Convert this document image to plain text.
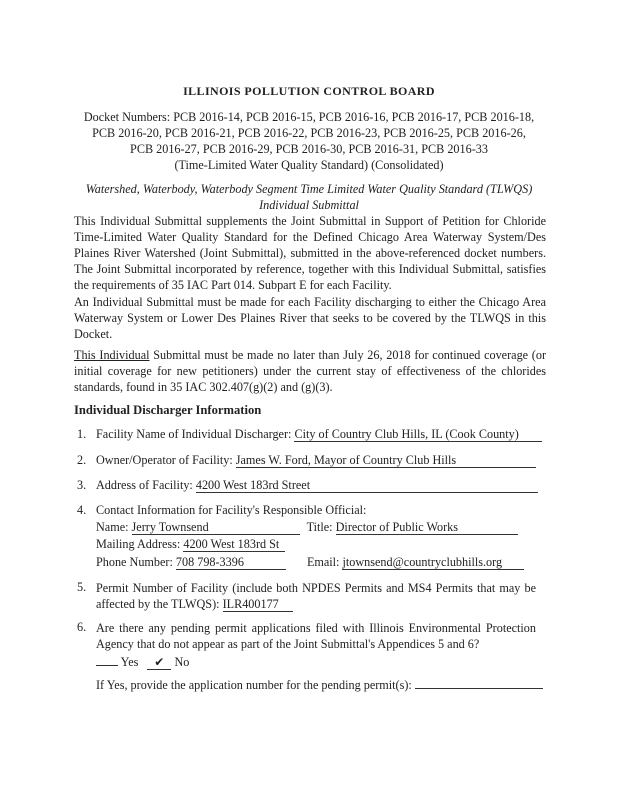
ILLINOIS POLLUTION CONTROL BOARD
Docket Numbers: PCB 2016-14, PCB 2016-15, PCB 2016-16, PCB 2016-17, PCB 2016-18,
PCB 2016-20, PCB 2016-21, PCB 2016-22, PCB 2016-23, PCB 2016-25, PCB 2016-26,
PCB 2016-27, PCB 2016-29, PCB 2016-30, PCB 2016-31, PCB 2016-33
(Time-Limited Water Quality Standard) (Consolidated)
Watershed, Waterbody, Waterbody Segment Time Limited Water Quality Standard (TLWQS)
Individual Submittal
This Individual Submittal supplements the Joint Submittal in Support of Petition for Chloride Time-Limited Water Quality Standard for the Defined Chicago Area Waterway System/Des Plaines River Watershed (Joint Submittal), submitted in the above-referenced docket numbers. The Joint Submittal incorporated by reference, together with this Individual Submittal, satisfies the requirements of 35 IAC Part 014. Subpart E for each Facility.
An Individual Submittal must be made for each Facility discharging to either the Chicago Area Waterway System or Lower Des Plaines River that seeks to be covered by the TLWQS in this Docket.
This Individual Submittal must be made no later than July 26, 2018 for continued coverage (or initial coverage for new petitioners) under the current stay of effectiveness of the chlorides standards, found in 35 IAC 302.407(g)(2) and (g)(3).
Individual Discharger Information
1. Facility Name of Individual Discharger: City of Country Club Hills, IL (Cook County)
2. Owner/Operator of Facility: James W. Ford, Mayor of Country Club Hills
3. Address of Facility: 4200 West 183rd Street
4. Contact Information for Facility's Responsible Official:
Name: Jerry Townsend	Title: Director of Public Works
Mailing Address: 4200 West 183rd St
Phone Number: 708 798-3396	Email: jtownsend@countryclubhills.org
5. Permit Number of Facility (include both NPDES Permits and MS4 Permits that may be affected by the TLWQS): ILR400177
6. Are there any pending permit applications filed with Illinois Environmental Protection Agency that do not appear as part of the Joint Submittal's Appendices 5 and 6?
Yes ✔ No
If Yes, provide the application number for the pending permit(s):
